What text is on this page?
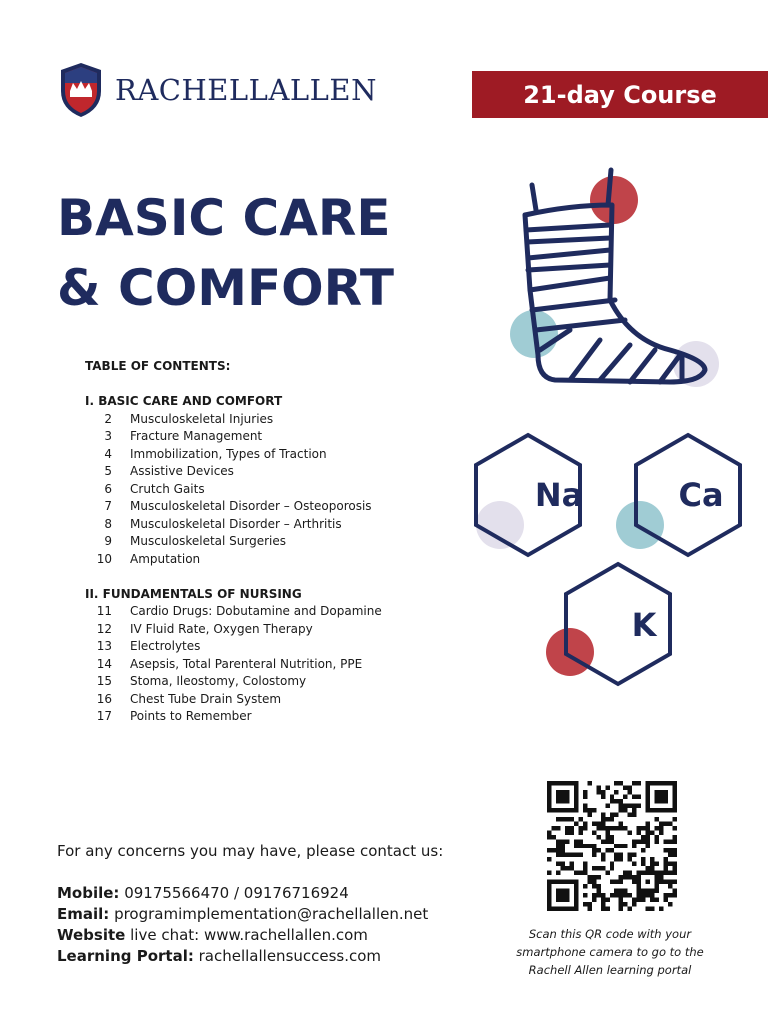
RACHELLALLEN	21-day Course
BASIC CARE
& COMFORT
TABLE OF CONTENTS:
I. BASIC CARE AND COMFORT
2 Musculoskeletal Injuries
3 Fracture Management
4 Immobilization, Types of Traction
5 Assistive Devices
6 Crutch Gaits
7 Musculoskeletal Disorder – Osteoporosis
8 Musculoskeletal Disorder – Arthritis
9 Musculoskeletal Surgeries
10 Amputation
II. FUNDAMENTALS OF NURSING
11 Cardio Drugs: Dobutamine and Dopamine
12 IV Fluid Rate, Oxygen Therapy
13 Electrolytes
14 Asepsis, Total Parenteral Nutrition, PPE
15 Stoma, Ileostomy, Colostomy
16 Chest Tube Drain System
17 Points to Remember
Na	Ca
K
For any concerns you may have, please contact us:
Mobile: 09175566470 / 09176716924
Email: programimplementation@rachellallen.net
Website live chat: www.rachellallen.com
Learning Portal: rachellallensuccess.com
Scan this QR code with your
smartphone camera to go to the
Rachell Allen learning portal
